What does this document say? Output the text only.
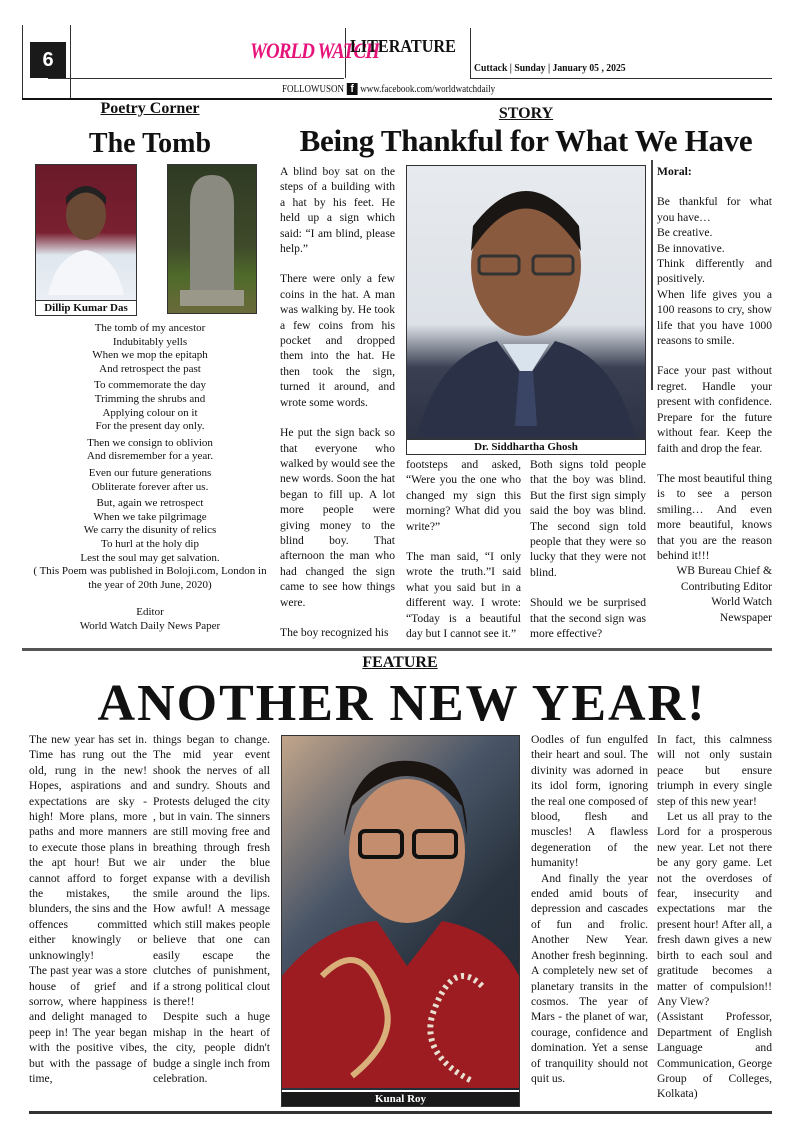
6	WORLD WATCH
LITERATURE
Cuttack | Sunday | January 05 , 2025
FOLLOWUSON f www.facebook.com/worldwatchdaily
Poetry Corner
The Tomb
Dillip Kumar Das

The tomb of my ancestor
Indubitably yells
When we mop the epitaph
And retrospect the past

To commemorate the day
Trimming the shrubs and
Applying colour on it
For the present day only.

Then we consign to oblivion
And disremember for a year.

Even our future generations
Obliterate forever after us.

But, again we retrospect
When we take pilgrimage
We carry the disunity of relics
To hurl at the holy dip
Lest the soul may get salvation.

( This Poem was published in Boloji.com, London in the year of 20th June, 2020)

Editor

World Watch Daily News Paper

STORY
Being Thankful for What We Have

A blind boy sat on the steps of a building with a hat by his feet. He held up a sign which said: “I am blind, please help.”

There were only a few coins in the hat. A man was walking by. He took a few coins from his pocket and dropped them into the hat. He then took the sign, turned it around, and wrote some words.

He put the sign back so that everyone who walked by would see the new words. Soon the hat began to fill up. A lot more people were giving money to the blind boy. That afternoon the man who had changed the sign came to see how things were.

The boy recognized his

Dr. Siddhartha Ghosh

footsteps and asked, “Were you the one who changed my sign this morning? What did you write?”

The man said, “I only wrote the truth.”I said what you said but in a different way. I wrote: “Today is a beautiful day but I cannot see it.”

Both signs told people that the boy was blind. But the first sign simply said the boy was blind. The second sign told people that they were so lucky that they were not blind.

Should we be surprised that the second sign was more effective?

Moral:

Be thankful for what you have…

Be creative.

Be innovative.

Think differently and positively.

When life gives you a 100 reasons to cry, show life that you have 1000 reasons to smile.

Face your past without regret. Handle your present with confidence. Prepare for the future without fear. Keep the faith and drop the fear.

The most beautiful thing is to see a person smiling… And even more beautiful, knows that you are the reason behind it!!!

WB Bureau Chief &

Contributing Editor

World Watch

Newspaper

FEATURE
ANOTHER NEW YEAR!

The new year has set in. Time has rung out the old, rung in the new! Hopes, aspirations and expectations are sky - high! More plans, more paths and more manners to execute those plans in the apt hour! But we cannot afford to forget the mistakes, the blunders, the sins and the offences committed either knowingly or unknowingly!

The past year was a store house of grief and sorrow, where happiness and delight managed to peep in! The year began with the positive vibes, but with the passage of time,

things began to change. The mid year event shook the nerves of all and sundry. Shouts and Protests deluged the city , but in vain. The sinners are still moving free and breathing through fresh air under the blue expanse with a devilish smile around the lips. How awful! A message which still makes people believe that one can easily escape the clutches of punishment, if a strong political clout is there!!

Despite such a huge mishap in the heart of the city, people didn't budge a single inch from celebration.

Kunal Roy

Oodles of fun engulfed their heart and soul. The divinity was adorned in its idol form, ignoring the real one composed of blood, flesh and muscles! A flawless degeneration of the humanity!

And finally the year ended amid bouts of depression and cascades of fun and frolic. Another New Year. Another fresh beginning. A completely new set of planetary transits in the cosmos. The year of Mars - the planet of war, courage, confidence and domination. Yet a sense of tranquility should not quit us.

In fact, this calmness will not only sustain peace but ensure triumph in every single step of this new year!

Let us all pray to the Lord for a prosperous new year. Let not there be any gory game. Let not the overdoses of fear, insecurity and expectations mar the present hour! After all, a fresh dawn gives a new birth to each soul and gratitude becomes a matter of compulsion!! Any View?

(Assistant Professor, Department of English Language and Communication, George Group of Colleges, Kolkata)
